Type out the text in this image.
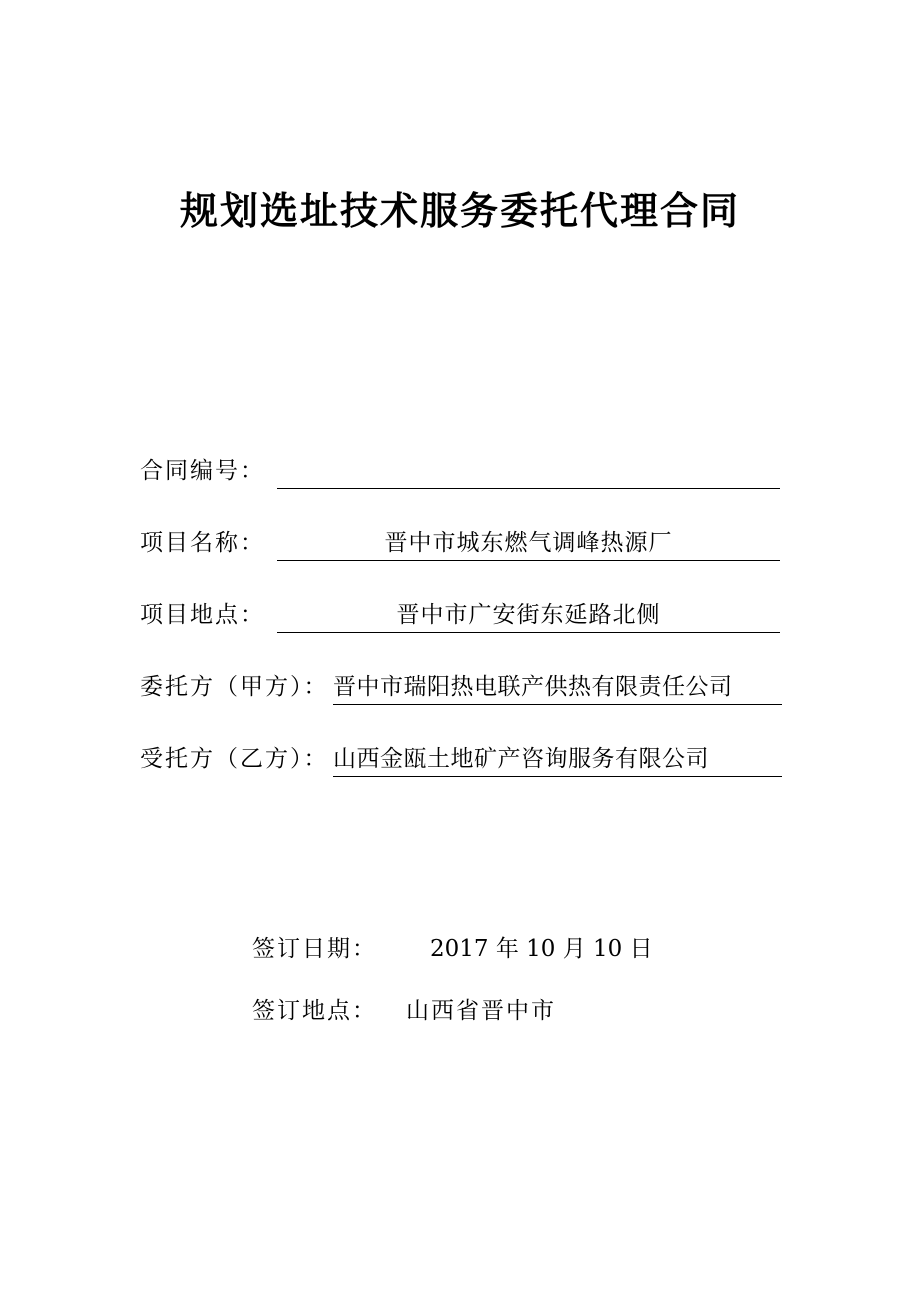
规划选址技术服务委托代理合同
合同编号：
项目名称：	晋中市城东燃气调峰热源厂
项目地点：	晋中市广安街东延路北侧
委托方（甲方）： 晋中市瑞阳热电联产供热有限责任公司
受托方（乙方）： 山西金瓯土地矿产咨询服务有限公司
签订日期： 2017 年 10 月 10 日
签订地点： 山西省晋中市
